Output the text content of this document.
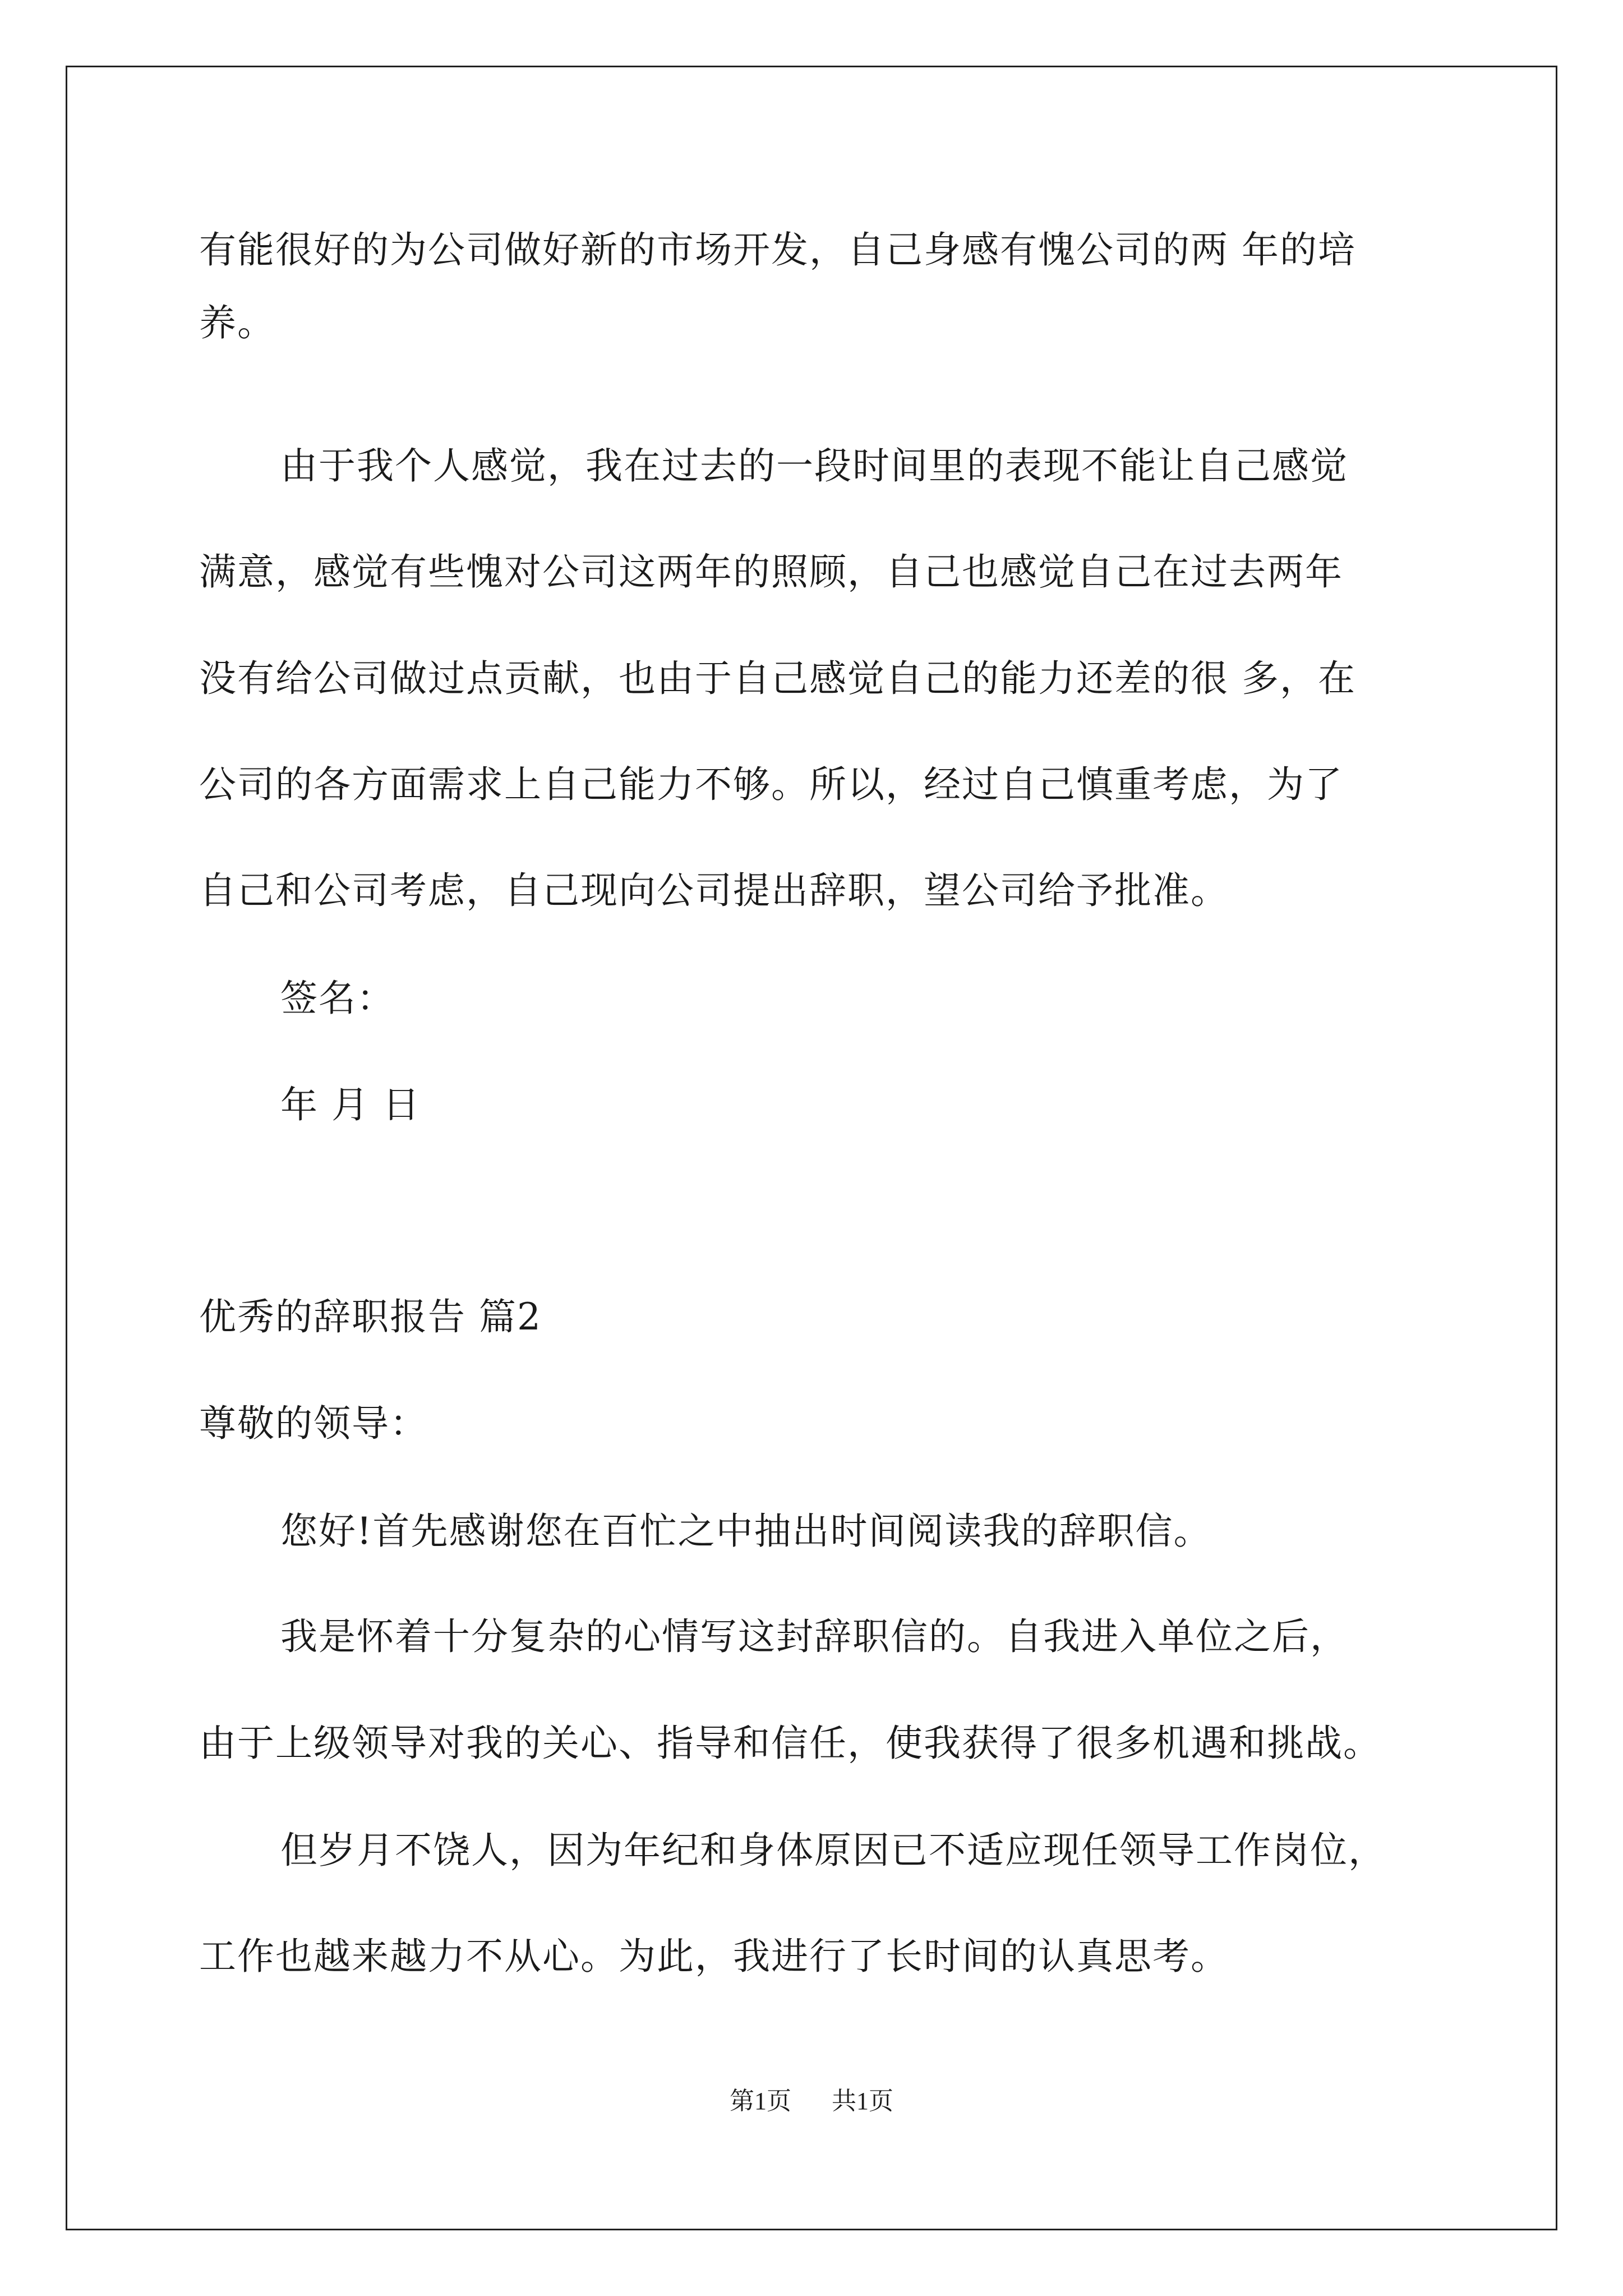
有能很好的为公司做好新的市场开发，自己身感有愧公司的两 年的培
养。
由于我个人感觉，我在过去的一段时间里的表现不能让自己感觉
满意，感觉有些愧对公司这两年的照顾，自己也感觉自己在过去两年
没有给公司做过点贡献，也由于自己感觉自己的能力还差的很 多，在
公司的各方面需求上自己能力不够。所以，经过自己慎重考虑，为了
自己和公司考虑，自己现向公司提出辞职，望公司给予批准。
签名：
年 月 日
优秀的辞职报告 篇2
尊敬的领导：
您好!首先感谢您在百忙之中抽出时间阅读我的辞职信。
我是怀着十分复杂的心情写这封辞职信的。自我进入单位之后，
由于上级领导对我的关心、指导和信任，使我获得了很多机遇和挑战。
但岁月不饶人，因为年纪和身体原因已不适应现任领导工作岗位，
工作也越来越力不从心。为此，我进行了长时间的认真思考。
第1页 共1页
